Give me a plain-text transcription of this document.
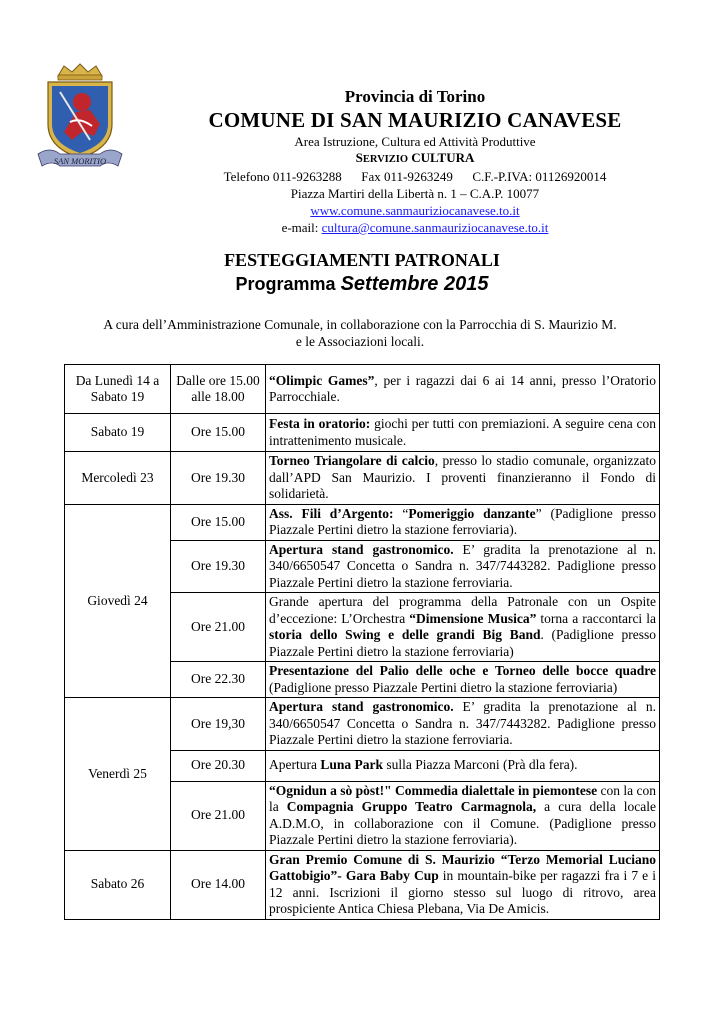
SAN MORITIO
Provincia di Torino
COMUNE DI SAN MAURIZIO CANAVESE
Area Istruzione, Cultura ed Attività Produttive
SERVIZIO CULTURA
Telefono 011-9263288 Fax 011-9263249 C.F.-P.IVA: 01126920014
Piazza Martiri della Libertà n. 1 – C.A.P. 10077
www.comune.sanmauriziocanavese.to.it
e-mail: cultura@comune.sanmauriziocanavese.to.it
FESTEGGIAMENTI PATRONALI
Programma Settembre 2015
A cura dell’Amministrazione Comunale, in collaborazione con la Parrocchia di S. Maurizio M.
e le Associazioni locali.
Da Lunedì 14 a Sabato 19	Dalle ore 15.00 alle 18.00	“Olimpic Games”, per i ragazzi dai 6 ai 14 anni, presso l’Oratorio Parrocchiale.
Sabato 19	Ore 15.00	Festa in oratorio: giochi per tutti con premiazioni. A seguire cena con intrattenimento musicale.
Mercoledì 23	Ore 19.30	Torneo Triangolare di calcio, presso lo stadio comunale, organizzato dall’APD San Maurizio. I proventi finanzieranno il Fondo di solidarietà.
Giovedì 24	Ore 15.00	Ass. Fili d’Argento: “Pomeriggio danzante” (Padiglione presso Piazzale Pertini dietro la stazione ferroviaria).
	Ore 19.30	Apertura stand gastronomico. E’ gradita la prenotazione al n. 340/6650547 Concetta o Sandra n. 347/7443282. Padiglione presso Piazzale Pertini dietro la stazione ferroviaria.
	Ore 21.00	Grande apertura del programma della Patronale con un Ospite d’eccezione: L’Orchestra “Dimensione Musica” torna a raccontarci la storia dello Swing e delle grandi Big Band. (Padiglione presso Piazzale Pertini dietro la stazione ferroviaria)
	Ore 22.30	Presentazione del Palio delle oche e Torneo delle bocce quadre (Padiglione presso Piazzale Pertini dietro la stazione ferroviaria)
Venerdì 25	Ore 19,30	Apertura stand gastronomico. E’ gradita la prenotazione al n. 340/6650547 Concetta o Sandra n. 347/7443282. Padiglione presso Piazzale Pertini dietro la stazione ferroviaria.
	Ore 20.30	Apertura Luna Park sulla Piazza Marconi (Prà dla fera).
	Ore 21.00	“Ognidun a sò pòst!" Commedia dialettale in piemontese con la con la Compagnia Gruppo Teatro Carmagnola, a cura della locale A.D.M.O, in collaborazione con il Comune. (Padiglione presso Piazzale Pertini dietro la stazione ferroviaria).
Sabato 26	Ore 14.00	Gran Premio Comune di S. Maurizio “Terzo Memorial Luciano Gattobigio”- Gara Baby Cup in mountain-bike per ragazzi fra i 7 e i 12 anni. Iscrizioni il giorno stesso sul luogo di ritrovo, area prospiciente Antica Chiesa Plebana, Via De Amicis.
